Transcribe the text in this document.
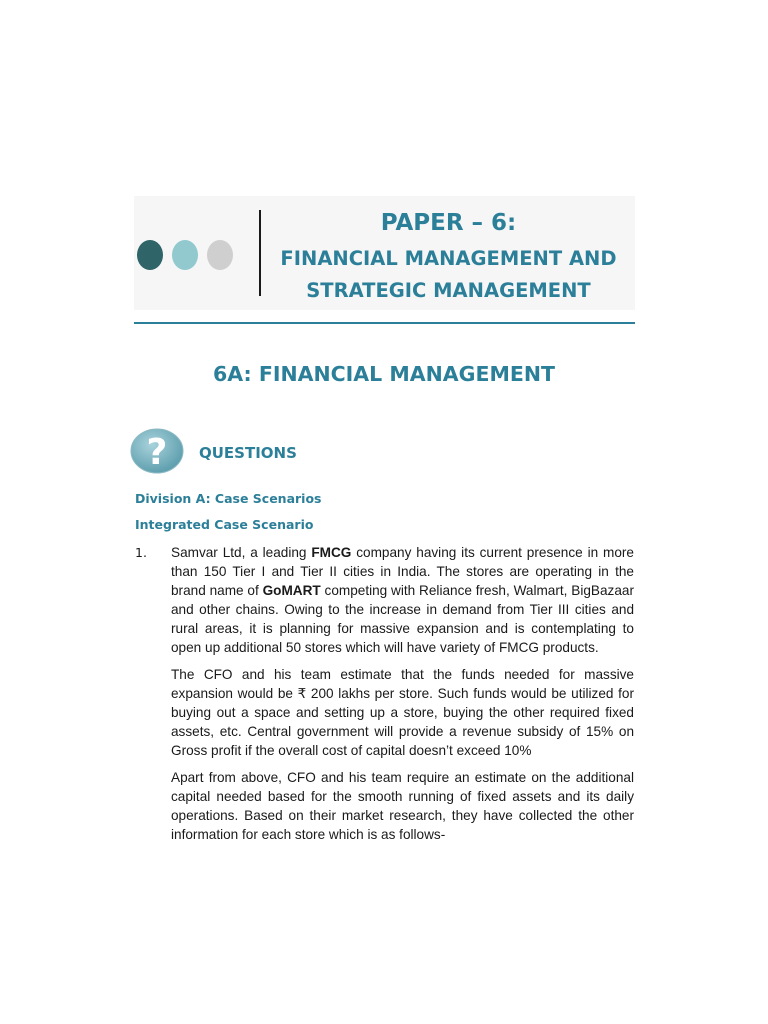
PAPER – 6:
FINANCIAL MANAGEMENT AND
STRATEGIC MANAGEMENT
6A: FINANCIAL MANAGEMENT
? QUESTIONS
Division A: Case Scenarios
Integrated Case Scenario
1. Samvar Ltd, a leading FMCG company having its current presence in more than 150 Tier I and Tier II cities in India. The stores are operating in the brand name of GoMART competing with Reliance fresh, Walmart, BigBazaar and other chains. Owing to the increase in demand from Tier III cities and rural areas, it is planning for massive expansion and is contemplating to open up additional 50 stores which will have variety of FMCG products.

The CFO and his team estimate that the funds needed for massive expansion would be ₹ 200 lakhs per store. Such funds would be utilized for buying out a space and setting up a store, buying the other required fixed assets, etc. Central government will provide a revenue subsidy of 15% on Gross profit if the overall cost of capital doesn’t exceed 10%

Apart from above, CFO and his team require an estimate on the additional capital needed based for the smooth running of fixed assets and its daily operations. Based on their market research, they have collected the other information for each store which is as follows-
